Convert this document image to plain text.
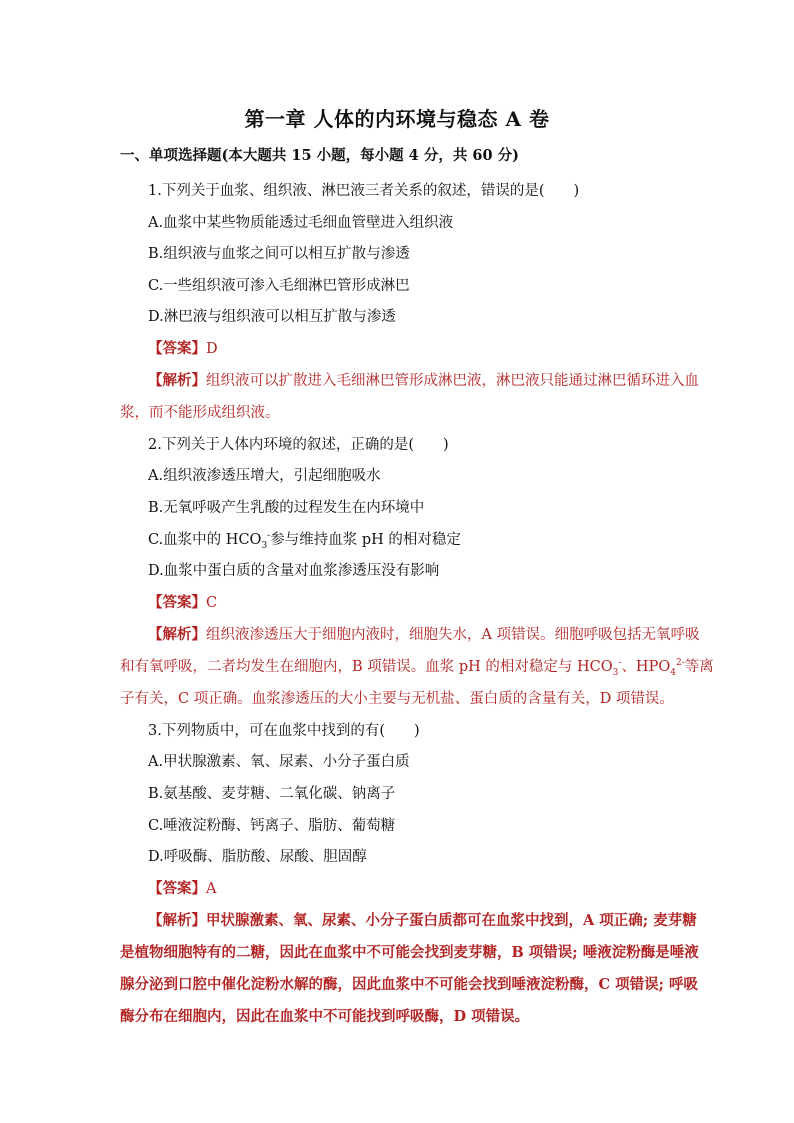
第一章 人体的内环境与稳态 A 卷
一、单项选择题(本大题共 15 小题，每小题 4 分，共 60 分)
1.下列关于血浆、组织液、淋巴液三者关系的叙述，错误的是(　　)
A.血浆中某些物质能透过毛细血管壁进入组织液
B.组织液与血浆之间可以相互扩散与渗透
C.一些组织液可渗入毛细淋巴管形成淋巴
D.淋巴液与组织液可以相互扩散与渗透
【答案】D
【解析】组织液可以扩散进入毛细淋巴管形成淋巴液，淋巴液只能通过淋巴循环进入血
浆，而不能形成组织液。
2.下列关于人体内环境的叙述，正确的是(　　)
A.组织液渗透压增大，引起细胞吸水
B.无氧呼吸产生乳酸的过程发生在内环境中
C.血浆中的 $HCO_3^-$参与维持血浆 pH 的相对稳定
D.血浆中蛋白质的含量对血浆渗透压没有影响
【答案】C
【解析】组织液渗透压大于细胞内液时，细胞失水，A 项错误。细胞呼吸包括无氧呼吸
和有氧呼吸，二者均发生在细胞内，B 项错误。血浆 pH 的相对稳定与 $HCO_3^-$、$HPO_4^{2-}$等离
子有关，C 项正确。血浆渗透压的大小主要与无机盐、蛋白质的含量有关，D 项错误。
3.下列物质中，可在血浆中找到的有(　　)
A.甲状腺激素、氧、尿素、小分子蛋白质
B.氨基酸、麦芽糖、二氧化碳、钠离子
C.唾液淀粉酶、钙离子、脂肪、葡萄糖
D.呼吸酶、脂肪酸、尿酸、胆固醇
【答案】A
【解析】甲状腺激素、氧、尿素、小分子蛋白质都可在血浆中找到，A 项正确; 麦芽糖
是植物细胞特有的二糖，因此在血浆中不可能会找到麦芽糖，B 项错误; 唾液淀粉酶是唾液
腺分泌到口腔中催化淀粉水解的酶，因此血浆中不可能会找到唾液淀粉酶，C 项错误; 呼吸
酶分布在细胞内，因此在血浆中不可能找到呼吸酶，D 项错误。
